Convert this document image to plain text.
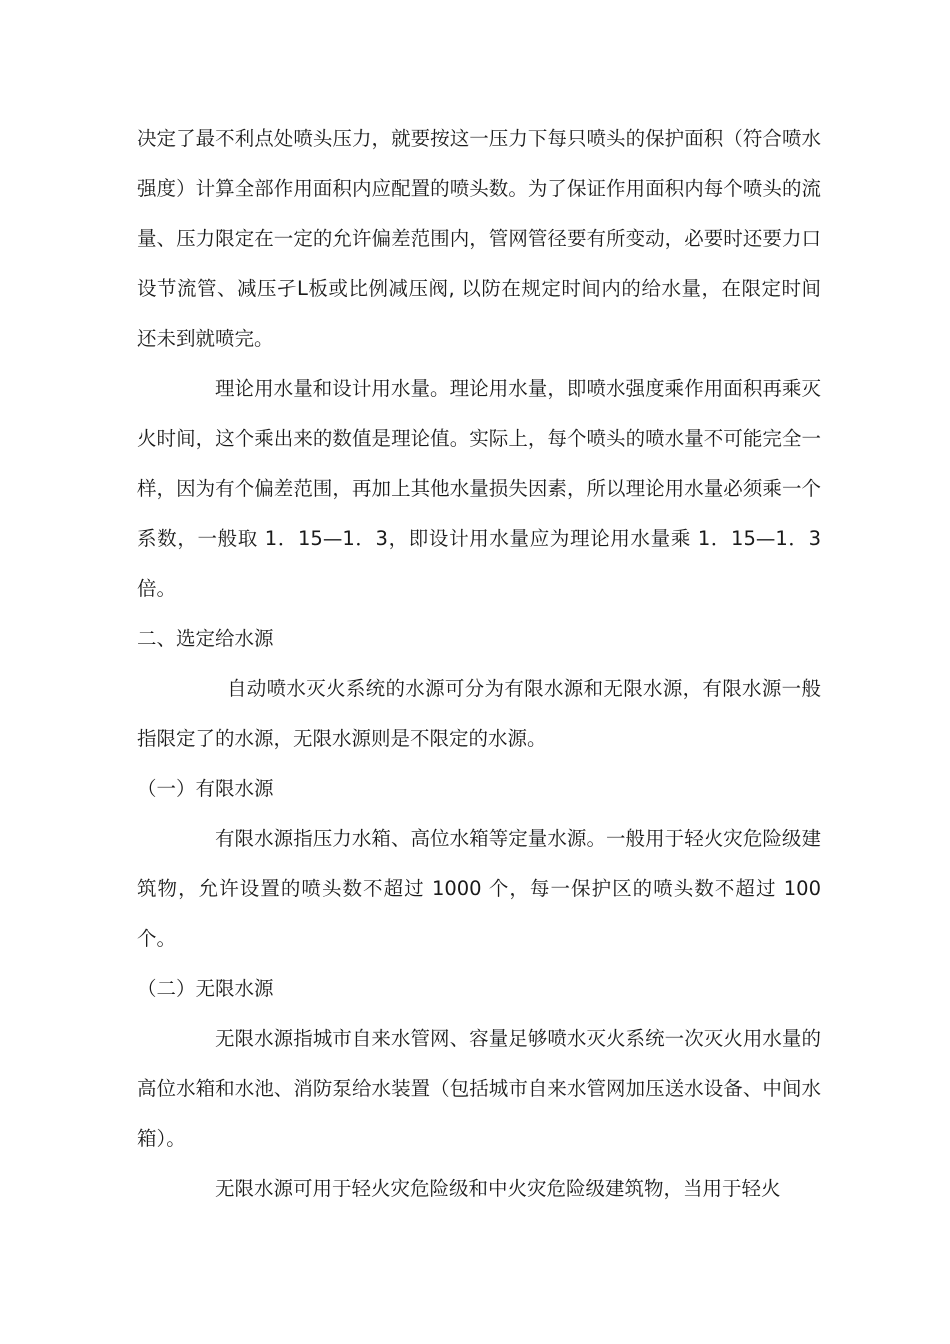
决定了最不利点处喷头压力，就要按这一压力下每只喷头的保护面积（符合喷水强度）计算全部作用面积内应配置的喷头数。为了保证作用面积内每个喷头的流量、压力限定在一定的允许偏差范围内，管网管径要有所变动，必要时还要力口设节流管、减压孑L板或比例减压阀, 以防在规定时间内的给水量，在限定时间还未到就喷完。

理论用水量和设计用水量。理论用水量，即喷水强度乘作用面积再乘灭火时间，这个乘出来的数值是理论值。实际上，每个喷头的喷水量不可能完全一样，因为有个偏差范围，再加上其他水量损失因素，所以理论用水量必须乘一个系数，一般取 1．15—1．3，即设计用水量应为理论用水量乘 1．15—1．3 倍。

二、选定给水源

自动喷水灭火系统的水源可分为有限水源和无限水源，有限水源一般指限定了的水源，无限水源则是不限定的水源。

（一）有限水源

有限水源指压力水箱、高位水箱等定量水源。一般用于轻火灾危险级建筑物，允许设置的喷头数不超过 1000 个，每一保护区的喷头数不超过 100 个。

（二）无限水源

无限水源指城市自来水管网、容量足够喷水灭火系统一次灭火用水量的高位水箱和水池、消防泵给水装置（包括城市自来水管网加压送水设备、中间水箱）。

无限水源可用于轻火灾危险级和中火灾危险级建筑物，当用于轻火
